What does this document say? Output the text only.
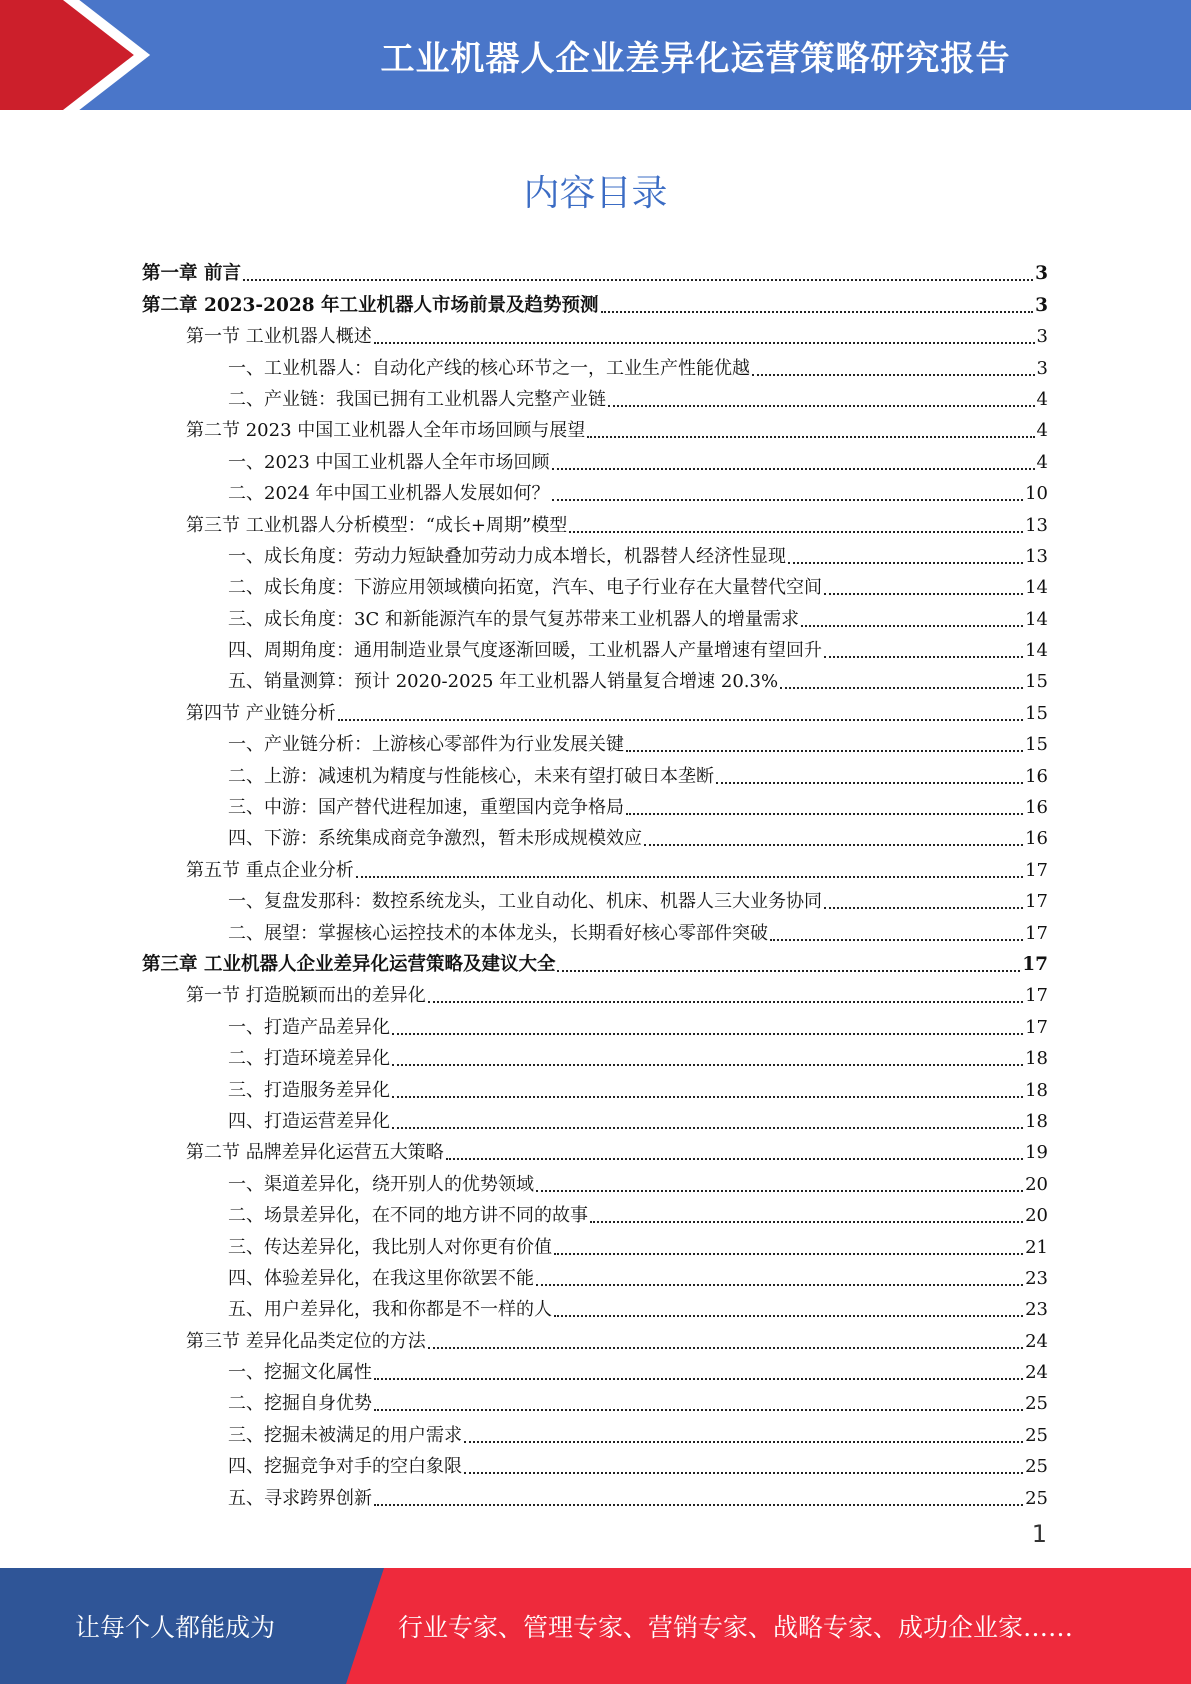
工业机器人企业差异化运营策略研究报告
内容目录
第一章 前言	3
第二章 2023-2028 年工业机器人市场前景及趋势预测	3
第一节 工业机器人概述	3
一、工业机器人：自动化产线的核心环节之一，工业生产性能优越	3
二、产业链：我国已拥有工业机器人完整产业链	4
第二节 2023 中国工业机器人全年市场回顾与展望	4
一、2023 中国工业机器人全年市场回顾	4
二、2024 年中国工业机器人发展如何？	10
第三节 工业机器人分析模型：“成长+周期”模型	13
一、成长角度：劳动力短缺叠加劳动力成本增长，机器替人经济性显现	13
二、成长角度：下游应用领域横向拓宽，汽车、电子行业存在大量替代空间	14
三、成长角度：3C 和新能源汽车的景气复苏带来工业机器人的增量需求	14
四、周期角度：通用制造业景气度逐渐回暖，工业机器人产量增速有望回升	14
五、销量测算：预计 2020-2025 年工业机器人销量复合增速 20.3%	15
第四节 产业链分析	15
一、产业链分析：上游核心零部件为行业发展关键	15
二、上游：减速机为精度与性能核心，未来有望打破日本垄断	16
三、中游：国产替代进程加速，重塑国内竞争格局	16
四、下游：系统集成商竞争激烈，暂未形成规模效应	16
第五节 重点企业分析	17
一、复盘发那科：数控系统龙头，工业自动化、机床、机器人三大业务协同	17
二、展望：掌握核心运控技术的本体龙头，长期看好核心零部件突破	17
第三章 工业机器人企业差异化运营策略及建议大全	17
第一节 打造脱颖而出的差异化	17
一、打造产品差异化	17
二、打造环境差异化	18
三、打造服务差异化	18
四、打造运营差异化	18
第二节 品牌差异化运营五大策略	19
一、渠道差异化，绕开别人的优势领域	20
二、场景差异化，在不同的地方讲不同的故事	20
三、传达差异化，我比别人对你更有价值	21
四、体验差异化，在我这里你欲罢不能	23
五、用户差异化，我和你都是不一样的人	23
第三节 差异化品类定位的方法	24
一、挖掘文化属性	24
二、挖掘自身优势	25
三、挖掘未被满足的用户需求	25
四、挖掘竞争对手的空白象限	25
五、寻求跨界创新	25
1
让每个人都能成为	行业专家、管理专家、营销专家、战略专家、成功企业家……
